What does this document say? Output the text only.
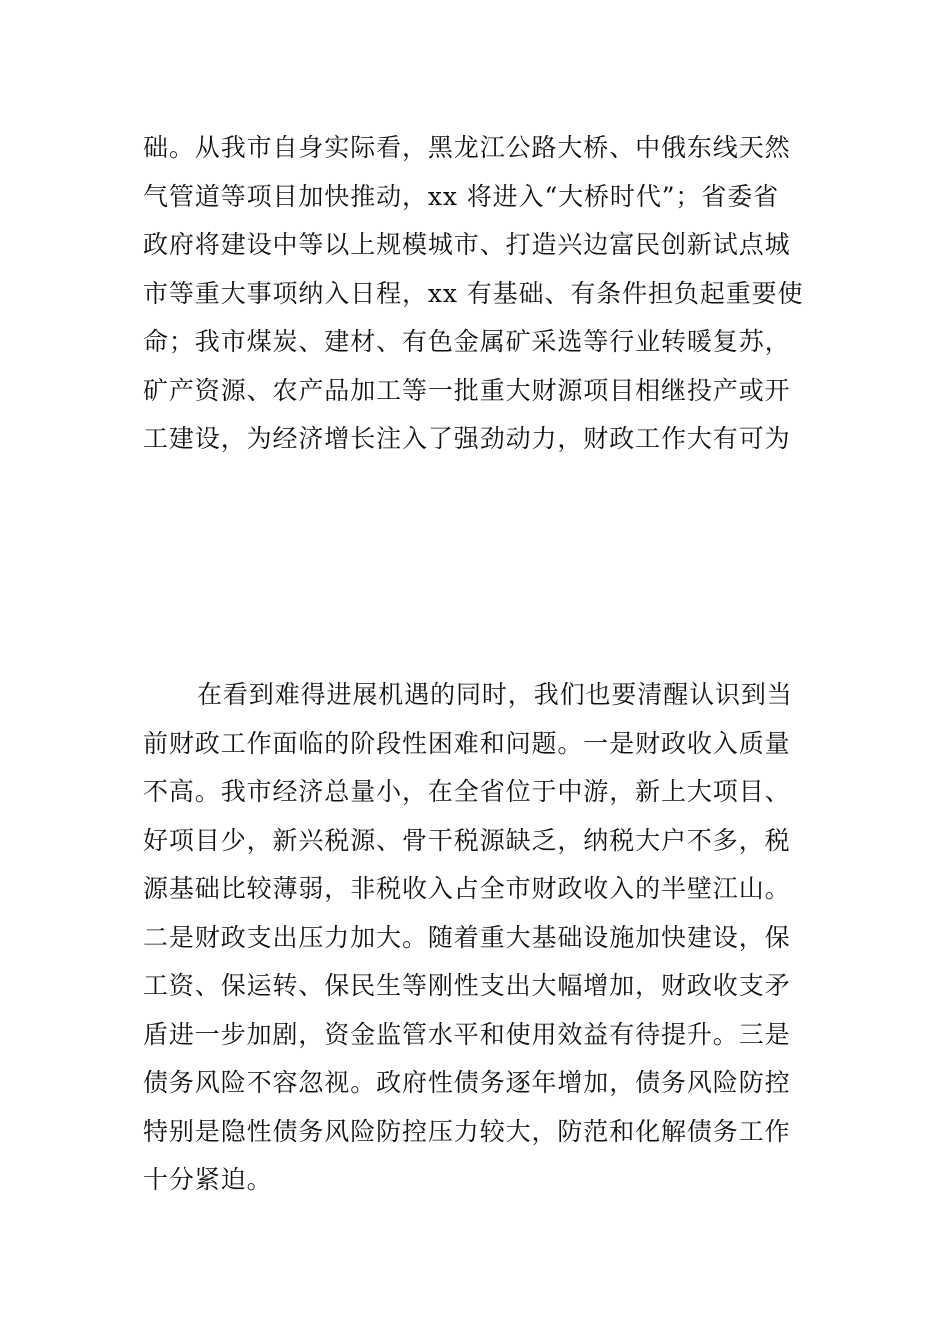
础。从我市自身实际看，黑龙江公路大桥、中俄东线天然
气管道等项目加快推动，xx 将进入“大桥时代”；省委省
政府将建设中等以上规模城市、打造兴边富民创新试点城
市等重大事项纳入日程，xx 有基础、有条件担负起重要使
命；我市煤炭、建材、有色金属矿采选等行业转暖复苏，
矿产资源、农产品加工等一批重大财源项目相继投产或开
工建设，为经济增长注入了强劲动力，财政工作大有可为
在看到难得进展机遇的同时，我们也要清醒认识到当
前财政工作面临的阶段性困难和问题。一是财政收入质量
不高。我市经济总量小，在全省位于中游，新上大项目、
好项目少，新兴税源、骨干税源缺乏，纳税大户不多，税
源基础比较薄弱，非税收入占全市财政收入的半壁江山。
二是财政支出压力加大。随着重大基础设施加快建设，保
工资、保运转、保民生等刚性支出大幅增加，财政收支矛
盾进一步加剧，资金监管水平和使用效益有待提升。三是
债务风险不容忽视。政府性债务逐年增加，债务风险防控
特别是隐性债务风险防控压力较大，防范和化解债务工作
十分紧迫。
